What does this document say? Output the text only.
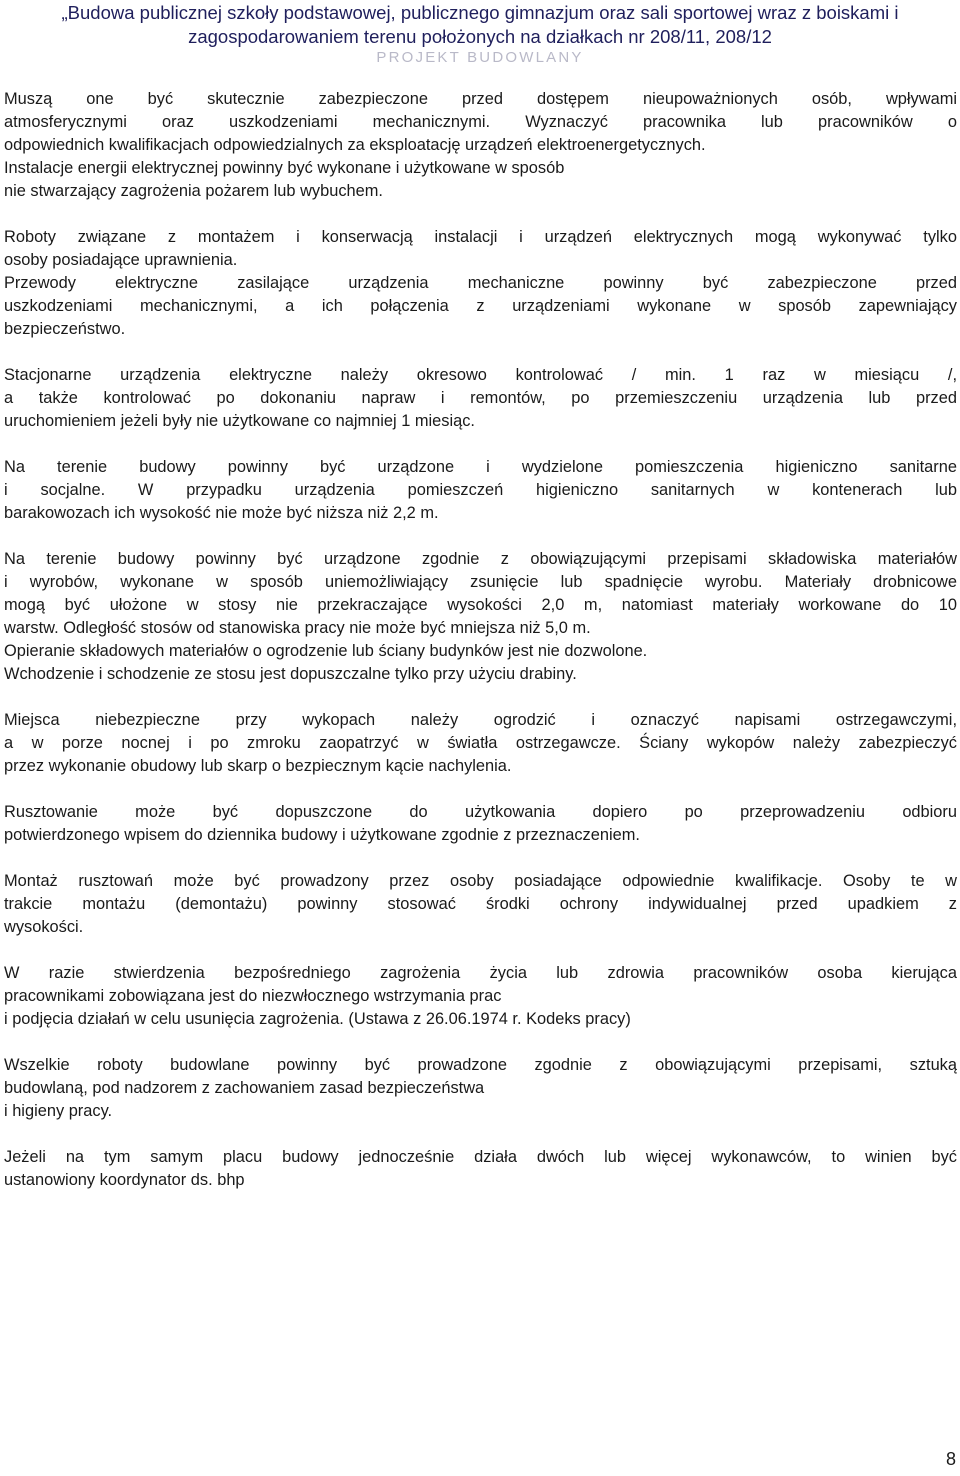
„Budowa publicznej szkoły podstawowej, publicznego gimnazjum oraz sali sportowej wraz z boiskami i
zagospodarowaniem terenu położonych na działkach nr 208/11, 208/12
PROJEKT BUDOWLANY

Muszą one być skutecznie zabezpieczone przed dostępem nieupoważnionych osób, wpływami
atmosferycznymi oraz uszkodzeniami mechanicznymi. Wyznaczyć pracownika lub pracowników o
odpowiednich kwalifikacjach odpowiedzialnych za eksploatację urządzeń elektroenergetycznych.
Instalacje energii elektrycznej powinny być wykonane i użytkowane w sposób
nie stwarzający zagrożenia pożarem lub wybuchem.

Roboty związane z montażem i konserwacją instalacji i urządzeń elektrycznych mogą wykonywać tylko
osoby posiadające uprawnienia.
Przewody elektryczne zasilające urządzenia mechaniczne powinny być zabezpieczone przed
uszkodzeniami mechanicznymi, a ich połączenia z urządzeniami wykonane w sposób zapewniający
bezpieczeństwo.

Stacjonarne urządzenia elektryczne należy okresowo kontrolować / min. 1 raz w miesiącu /,
a także kontrolować po dokonaniu napraw i remontów, po przemieszczeniu urządzenia lub przed
uruchomieniem jeżeli były nie użytkowane co najmniej 1 miesiąc.

Na terenie budowy powinny być urządzone i wydzielone pomieszczenia higieniczno sanitarne
i socjalne. W przypadku urządzenia pomieszczeń higieniczno sanitarnych w kontenerach lub
barakowozach ich wysokość nie może być niższa niż 2,2 m.

Na terenie budowy powinny być urządzone zgodnie z obowiązującymi przepisami składowiska materiałów
i wyrobów, wykonane w sposób uniemożliwiający zsunięcie lub spadnięcie wyrobu. Materiały drobnicowe
mogą być ułożone w stosy nie przekraczające wysokości 2,0 m, natomiast materiały workowane do 10
warstw. Odległość stosów od stanowiska pracy nie może być mniejsza niż 5,0 m.
Opieranie składowych materiałów o ogrodzenie lub ściany budynków jest nie dozwolone.
Wchodzenie i schodzenie ze stosu jest dopuszczalne tylko przy użyciu drabiny.

Miejsca niebezpieczne przy wykopach należy ogrodzić i oznaczyć napisami ostrzegawczymi,
a w porze nocnej i po zmroku zaopatrzyć w światła ostrzegawcze. Ściany wykopów należy zabezpieczyć
przez wykonanie obudowy lub skarp o bezpiecznym kącie nachylenia.

Rusztowanie może być dopuszczone do użytkowania dopiero po przeprowadzeniu odbioru
potwierdzonego wpisem do dziennika budowy i użytkowane zgodnie z przeznaczeniem.

Montaż rusztowań może być prowadzony przez osoby posiadające odpowiednie kwalifikacje. Osoby te w
trakcie montażu (demontażu) powinny stosować środki ochrony indywidualnej przed upadkiem z
wysokości.

W razie stwierdzenia bezpośredniego zagrożenia życia lub zdrowia pracowników osoba kierująca
pracownikami zobowiązana jest do niezwłocznego wstrzymania prac
i podjęcia działań w celu usunięcia zagrożenia. (Ustawa z 26.06.1974 r. Kodeks pracy)

Wszelkie roboty budowlane powinny być prowadzone zgodnie z obowiązującymi przepisami, sztuką
budowlaną, pod nadzorem z zachowaniem zasad bezpieczeństwa
i higieny pracy.

Jeżeli na tym samym placu budowy jednocześnie działa dwóch lub więcej wykonawców, to winien być
ustanowiony koordynator ds. bhp

8
